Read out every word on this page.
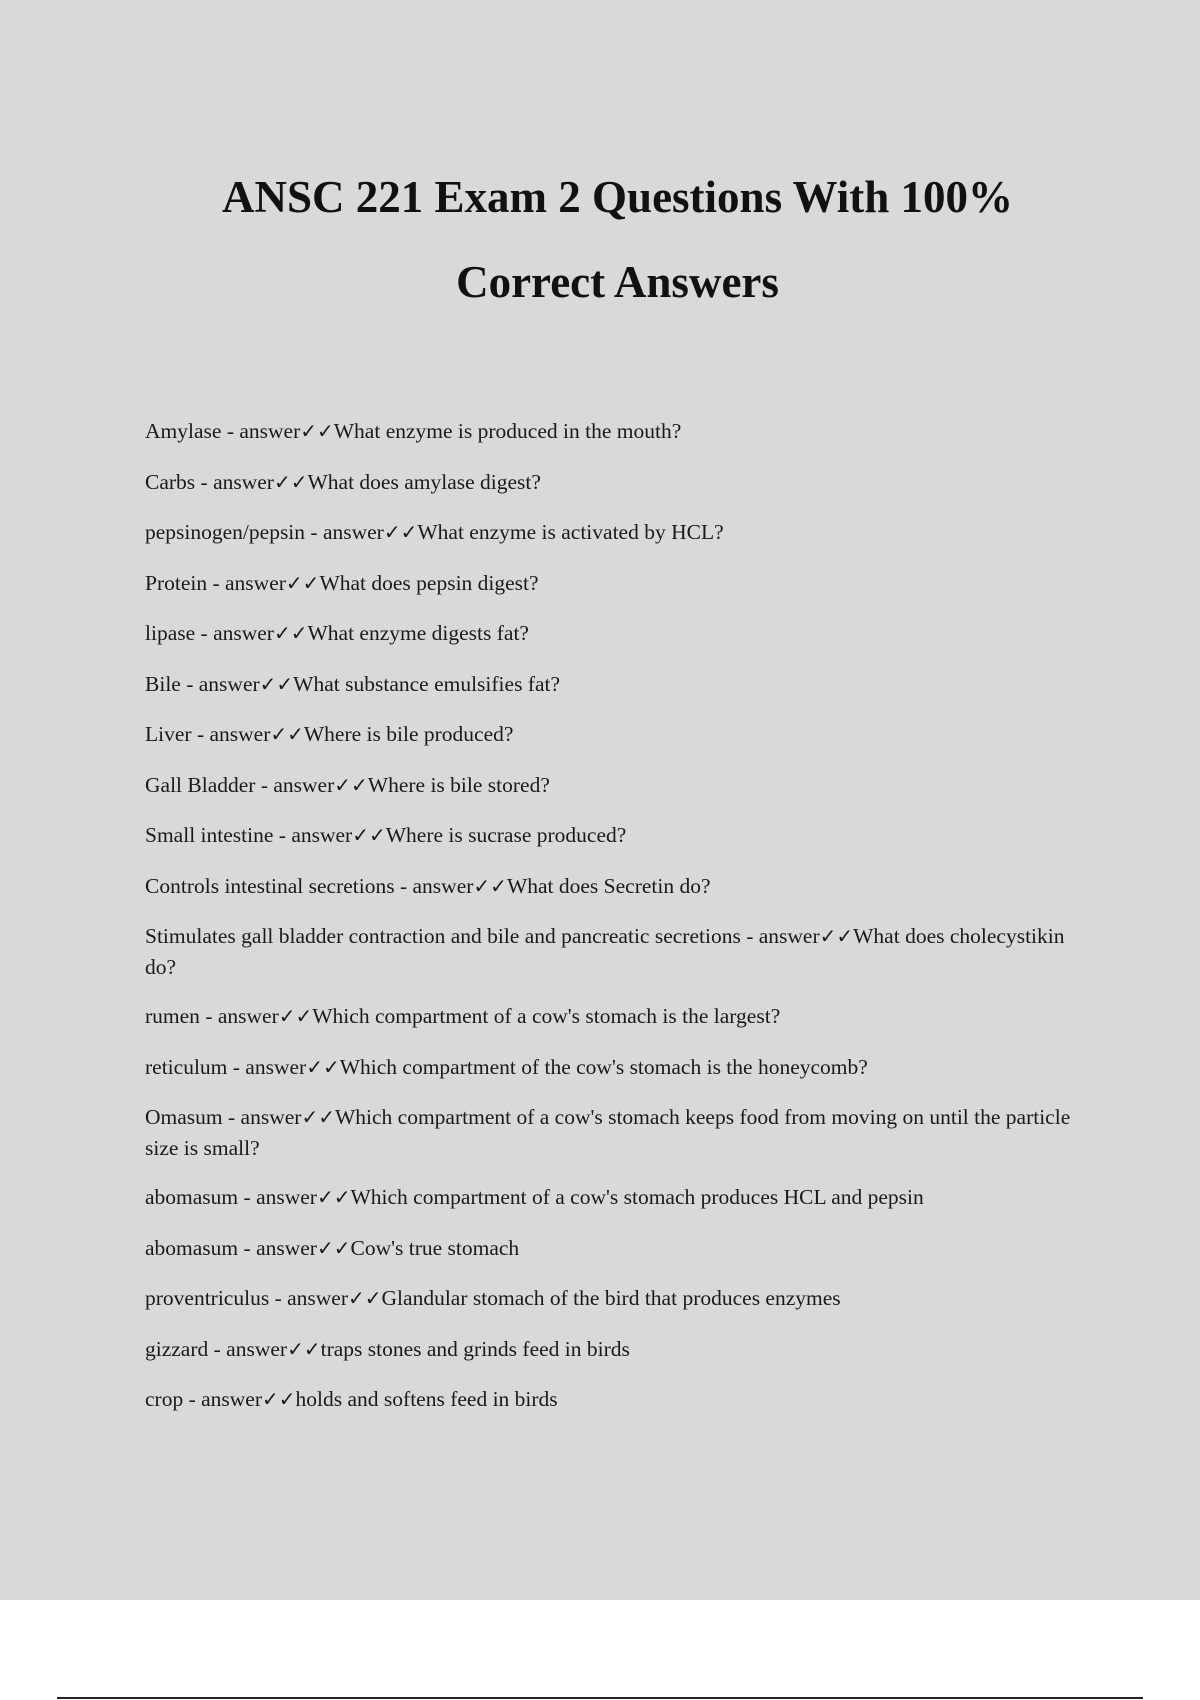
ANSC 221 Exam 2 Questions With 100%
Correct Answers
Amylase - answer✓✓What enzyme is produced in the mouth?
Carbs - answer✓✓What does amylase digest?
pepsinogen/pepsin - answer✓✓What enzyme is activated by HCL?
Protein - answer✓✓What does pepsin digest?
lipase - answer✓✓What enzyme digests fat?
Bile - answer✓✓What substance emulsifies fat?
Liver - answer✓✓Where is bile produced?
Gall Bladder - answer✓✓Where is bile stored?
Small intestine - answer✓✓Where is sucrase produced?
Controls intestinal secretions - answer✓✓What does Secretin do?
Stimulates gall bladder contraction and bile and pancreatic secretions - answer✓✓What does cholecystikin do?
rumen - answer✓✓Which compartment of a cow's stomach is the largest?
reticulum - answer✓✓Which compartment of the cow's stomach is the honeycomb?
Omasum - answer✓✓Which compartment of a cow's stomach keeps food from moving on until the particle size is small?
abomasum - answer✓✓Which compartment of a cow's stomach produces HCL and pepsin
abomasum - answer✓✓Cow's true stomach
proventriculus - answer✓✓Glandular stomach of the bird that produces enzymes
gizzard - answer✓✓traps stones and grinds feed in birds
crop - answer✓✓holds and softens feed in birds
